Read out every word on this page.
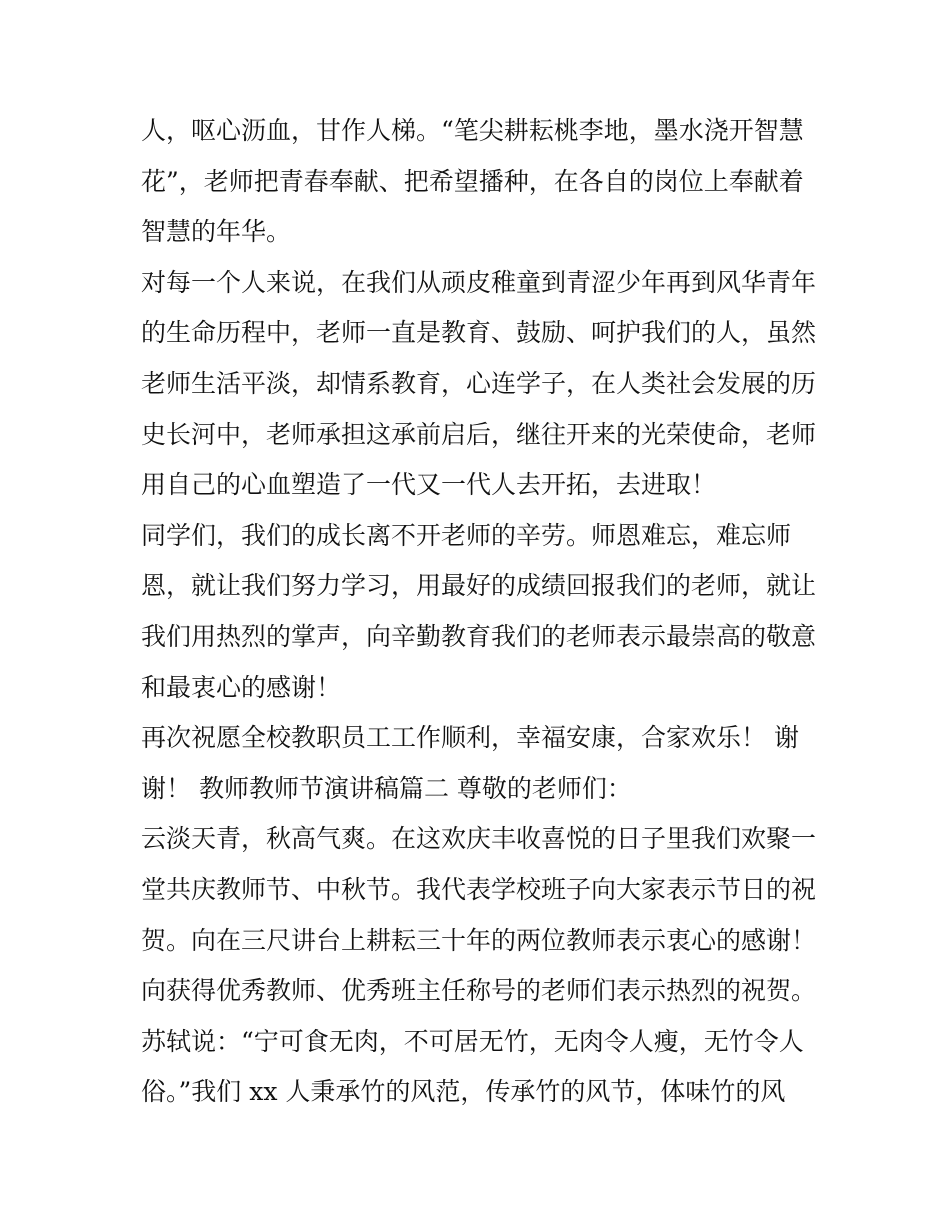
人，呕心沥血，甘作人梯。“笔尖耕耘桃李地，墨水浇开智慧
花”，老师把青春奉献、把希望播种，在各自的岗位上奉献着
智慧的年华。
对每一个人来说，在我们从顽皮稚童到青涩少年再到风华青年
的生命历程中，老师一直是教育、鼓励、呵护我们的人，虽然
老师生活平淡，却情系教育，心连学子，在人类社会发展的历
史长河中，老师承担这承前启后，继往开来的光荣使命，老师
用自己的心血塑造了一代又一代人去开拓，去进取！
同学们，我们的成长离不开老师的辛劳。师恩难忘，难忘师
恩，就让我们努力学习，用最好的成绩回报我们的老师，就让
我们用热烈的掌声，向辛勤教育我们的老师表示最崇高的敬意
和最衷心的感谢！
再次祝愿全校教职员工工作顺利，幸福安康，合家欢乐！ 谢
谢！ 教师教师节演讲稿篇二 尊敬的老师们：
云淡天青，秋高气爽。在这欢庆丰收喜悦的日子里我们欢聚一
堂共庆教师节、中秋节。我代表学校班子向大家表示节日的祝
贺。向在三尺讲台上耕耘三十年的两位教师表示衷心的感谢！
向获得优秀教师、优秀班主任称号的老师们表示热烈的祝贺。
苏轼说：“宁可食无肉，不可居无竹，无肉令人瘦，无竹令人
俗。”我们 xx 人秉承竹的风范，传承竹的风节，体味竹的风
